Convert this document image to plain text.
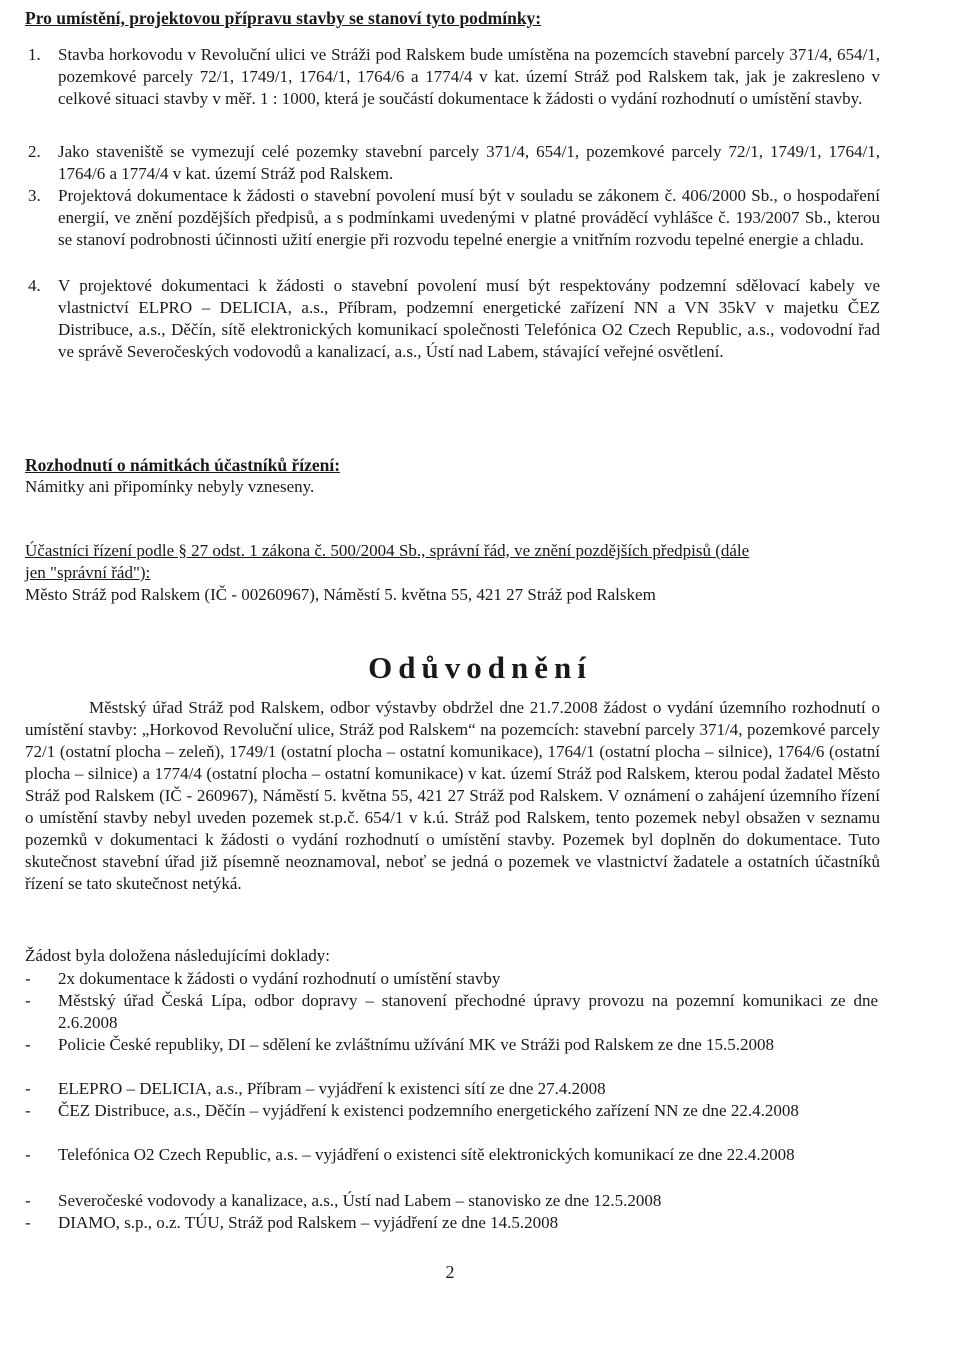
Pro umístění, projektovou přípravu stavby se stanoví tyto podmínky:
1. Stavba horkovodu v Revoluční ulici ve Stráži pod Ralskem bude umístěna na pozemcích stavební parcely 371/4, 654/1, pozemkové parcely 72/1, 1749/1, 1764/1, 1764/6 a 1774/4 v kat. území Stráž pod Ralskem tak, jak je zakresleno v celkové situaci stavby v měř. 1 : 1000, která je součástí dokumentace k žádosti o vydání rozhodnutí o umístění stavby.
2. Jako staveniště se vymezují celé pozemky stavební parcely 371/4, 654/1, pozemkové parcely 72/1, 1749/1, 1764/1, 1764/6 a 1774/4 v kat. území Stráž pod Ralskem.
3. Projektová dokumentace k žádosti o stavební povolení musí být v souladu se zákonem č. 406/2000 Sb., o hospodaření energií, ve znění pozdějších předpisů, a s podmínkami uvedenými v platné prováděcí vyhlášce č. 193/2007 Sb., kterou se stanoví podrobnosti účinnosti užití energie při rozvodu tepelné energie a vnitřním rozvodu tepelné energie a chladu.
4. V projektové dokumentaci k žádosti o stavební povolení musí být respektovány podzemní sdělovací kabely ve vlastnictví ELPRO – DELICIA, a.s., Příbram, podzemní energetické zařízení NN a VN 35kV v majetku ČEZ Distribuce, a.s., Děčín, sítě elektronických komunikací společnosti Telefónica O2 Czech Republic, a.s., vodovodní řad ve správě Severočeských vodovodů a kanalizací, a.s., Ústí nad Labem, stávající veřejné osvětlení.
Rozhodnutí o námitkách účastníků řízení:
Námitky ani připomínky nebyly vzneseny.
Účastníci řízení podle § 27 odst. 1 zákona č. 500/2004 Sb., správní řád, ve znění pozdějších předpisů (dále
jen "správní řád"):
Město Stráž pod Ralskem (IČ - 00260967), Náměstí 5. května 55, 421 27 Stráž pod Ralskem
Odůvodnění
Městský úřad Stráž pod Ralskem, odbor výstavby obdržel dne 21.7.2008 žádost o vydání územního rozhodnutí o umístění stavby: „Horkovod Revoluční ulice, Stráž pod Ralskem“ na pozemcích: stavební parcely 371/4, pozemkové parcely 72/1 (ostatní plocha – zeleň), 1749/1 (ostatní plocha – ostatní komunikace), 1764/1 (ostatní plocha – silnice), 1764/6 (ostatní plocha – silnice) a 1774/4 (ostatní plocha – ostatní komunikace) v kat. území Stráž pod Ralskem, kterou podal žadatel Město Stráž pod Ralskem (IČ - 260967), Náměstí 5. května 55, 421 27 Stráž pod Ralskem. V oznámení o zahájení územního řízení o umístění stavby nebyl uveden pozemek st.p.č. 654/1 v k.ú. Stráž pod Ralskem, tento pozemek nebyl obsažen v seznamu pozemků v dokumentaci k žádosti o vydání rozhodnutí o umístění stavby. Pozemek byl doplněn do dokumentace. Tuto skutečnost stavební úřad již písemně neoznamoval, neboť se jedná o pozemek ve vlastnictví žadatele a ostatních účastníků řízení se tato skutečnost netýká.
Žádost byla doložena následujícími doklady:
- 2x dokumentace k žádosti o vydání rozhodnutí o umístění stavby
- Městský úřad Česká Lípa, odbor dopravy – stanovení přechodné úpravy provozu na pozemní komunikaci ze dne 2.6.2008
- Policie České republiky, DI – sdělení ke zvláštnímu užívání MK ve Stráži pod Ralskem ze dne 15.5.2008
- ELEPRO – DELICIA, a.s., Příbram – vyjádření k existenci sítí ze dne 27.4.2008
- ČEZ Distribuce, a.s., Děčín – vyjádření k existenci podzemního energetického zařízení NN ze dne 22.4.2008
- Telefónica O2 Czech Republic, a.s. – vyjádření o existenci sítě elektronických komunikací ze dne 22.4.2008
- Severočeské vodovody a kanalizace, a.s., Ústí nad Labem – stanovisko ze dne 12.5.2008
- DIAMO, s.p., o.z. TÚU, Stráž pod Ralskem – vyjádření ze dne 14.5.2008
2
